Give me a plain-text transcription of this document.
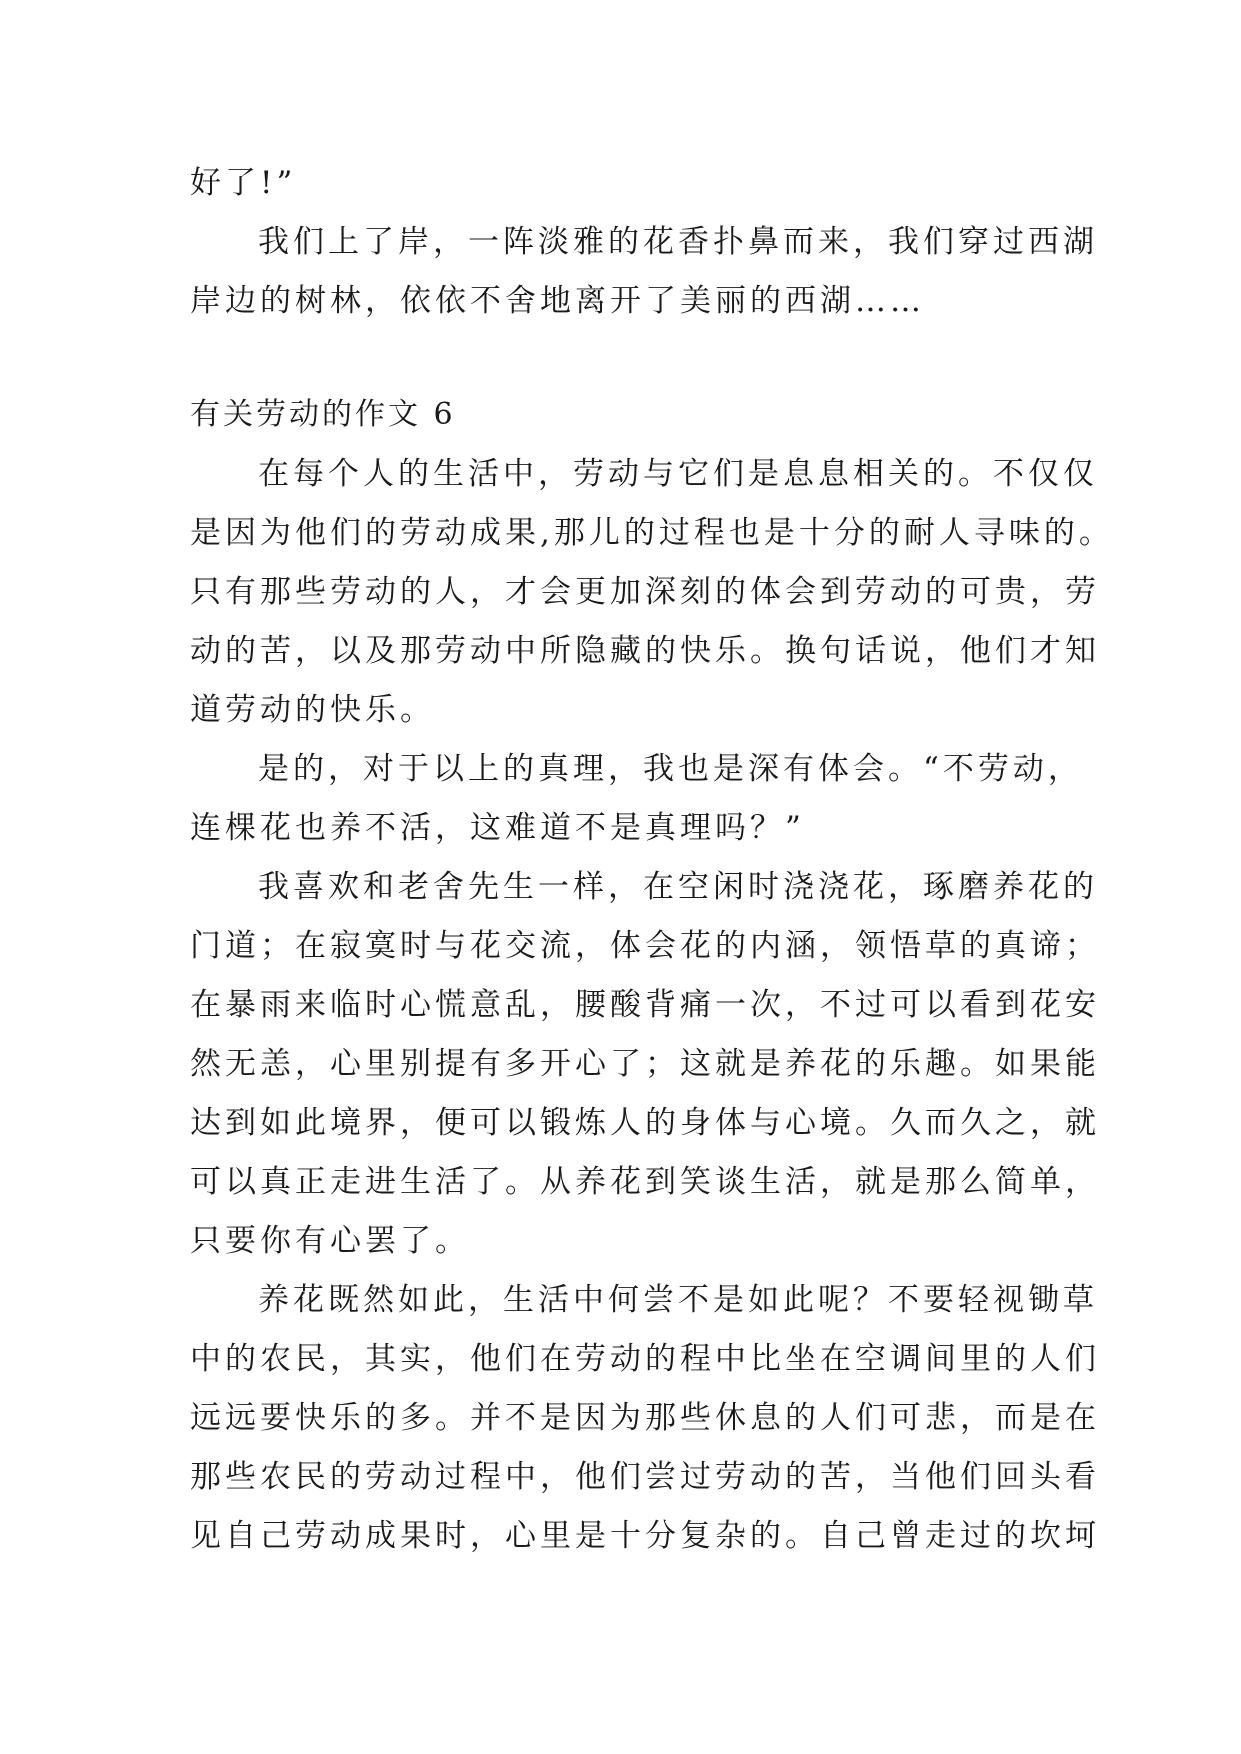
好了!”
我们上了岸，一阵淡雅的花香扑鼻而来，我们穿过西湖
岸边的树林，依依不舍地离开了美丽的西湖……
有关劳动的作文 6
在每个人的生活中，劳动与它们是息息相关的。不仅仅
是因为他们的劳动成果,那儿的过程也是十分的耐人寻味的。
只有那些劳动的人，才会更加深刻的体会到劳动的可贵，劳
动的苦，以及那劳动中所隐藏的快乐。换句话说，他们才知
道劳动的快乐。
是的，对于以上的真理，我也是深有体会。“不劳动，
连棵花也养不活，这难道不是真理吗？”
我喜欢和老舍先生一样，在空闲时浇浇花，琢磨养花的
门道；在寂寞时与花交流，体会花的内涵，领悟草的真谛；
在暴雨来临时心慌意乱，腰酸背痛一次，不过可以看到花安
然无恙，心里别提有多开心了；这就是养花的乐趣。如果能
达到如此境界，便可以锻炼人的身体与心境。久而久之，就
可以真正走进生活了。从养花到笑谈生活，就是那么简单，
只要你有心罢了。
养花既然如此，生活中何尝不是如此呢？不要轻视锄草
中的农民，其实，他们在劳动的程中比坐在空调间里的人们
远远要快乐的多。并不是因为那些休息的人们可悲，而是在
那些农民的劳动过程中，他们尝过劳动的苦，当他们回头看
见自己劳动成果时，心里是十分复杂的。自己曾走过的坎坷
